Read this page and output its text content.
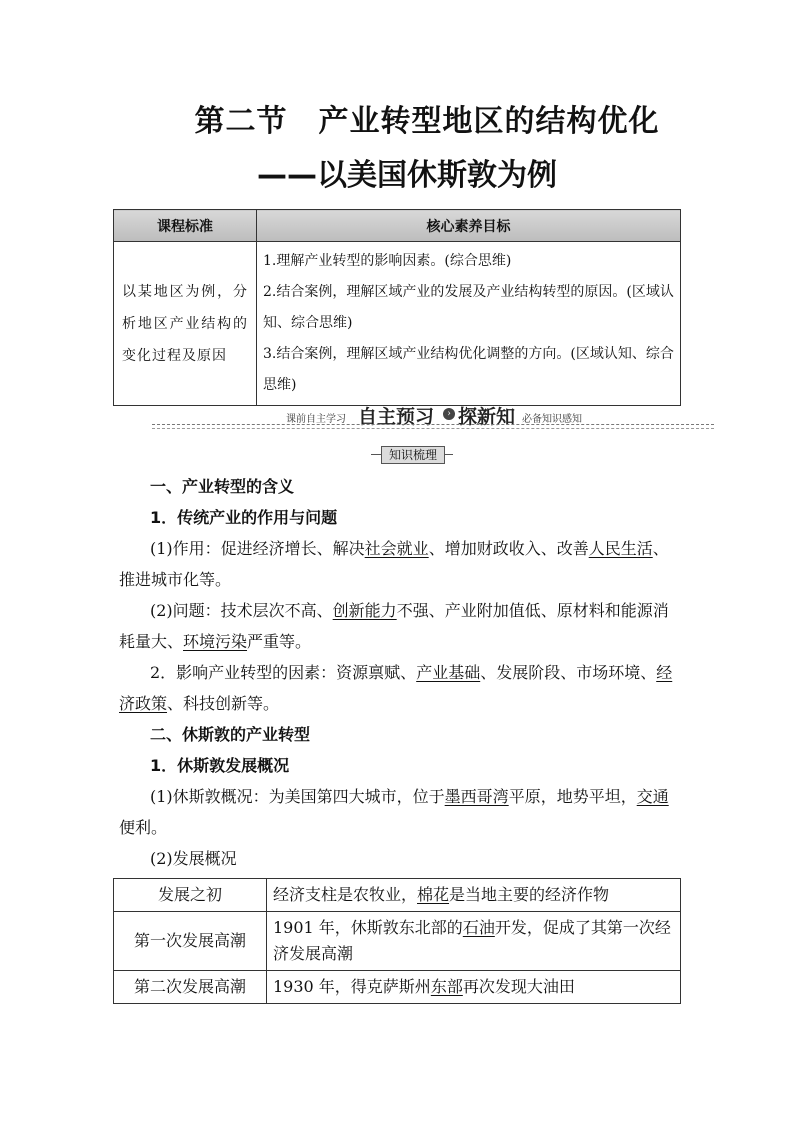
第二节　产业转型地区的结构优化
——以美国休斯敦为例
课程标准	核心素养目标
以某地区为例，分析地区产业结构的变化过程及原因	1.理解产业转型的影响因素。(综合思维)
2.结合案例，理解区域产业的发展及产业结构转型的原因。(区域认知、综合思维)
3.结合案例，理解区域产业结构优化调整的方向。(区域认知、综合思维)
课前自主学习 自主预习	› 探新知 必备知识感知
知识梳理
一、产业转型的含义
1．传统产业的作用与问题
(1)作用：促进经济增长、解决社会就业、增加财政收入、改善人民生活、
推进城市化等。
(2)问题：技术层次不高、创新能力不强、产业附加值低、原材料和能源消
耗量大、环境污染严重等。
2．影响产业转型的因素：资源禀赋、产业基础、发展阶段、市场环境、经
济政策、科技创新等。
二、休斯敦的产业转型
1．休斯敦发展概况
(1)休斯敦概况：为美国第四大城市，位于墨西哥湾平原，地势平坦，交通
便利。
(2)发展概况
发展之初	经济支柱是农牧业，棉花是当地主要的经济作物
第一次发展高潮	1901 年，休斯敦东北部的石油开发，促成了其第一次经济发展高潮
第二次发展高潮	1930 年，得克萨斯州东部再次发现大油田
